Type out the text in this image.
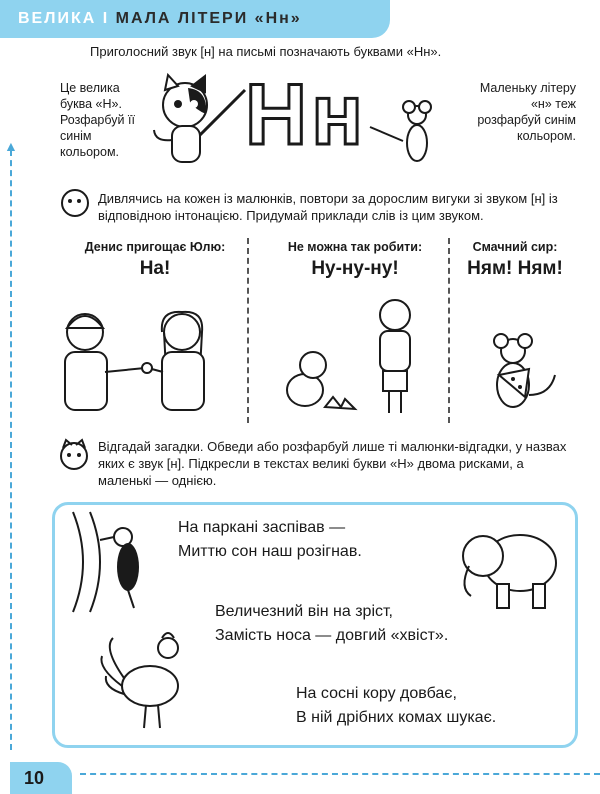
ВЕЛИКА І МАЛА ЛІТЕРИ «Нн»
Приголосний звук [н] на письмі позначають буквами «Нн».
Це велика буква «Н». Розфарбуй її синім кольором.
Маленьку літеру «н» теж розфарбуй синім кольором.
Нн
Дивлячись на кожен із малюнків, повтори за дорослим вигуки зі звуком [н] із відповідною інтонацією. Придумай приклади слів із цим звуком.
Денис пригощає Юлю:
На!
Не можна так робити:
Ну-ну-ну!
Смачний сир:
Ням! Ням!
Відгадай загадки. Обведи або розфарбуй лише ті малюнки-відгадки, у назвах яких є звук [н]. Підкресли в текстах великі букви «Н» двома рисками, а маленькі — однією.
На паркані заспівав —
Миттю сон наш розігнав.
Величезний він на зріст,
Замість носа — довгий «хвіст».
На сосні кору довбає,
В ній дрібних комах шукає.
▲
10
